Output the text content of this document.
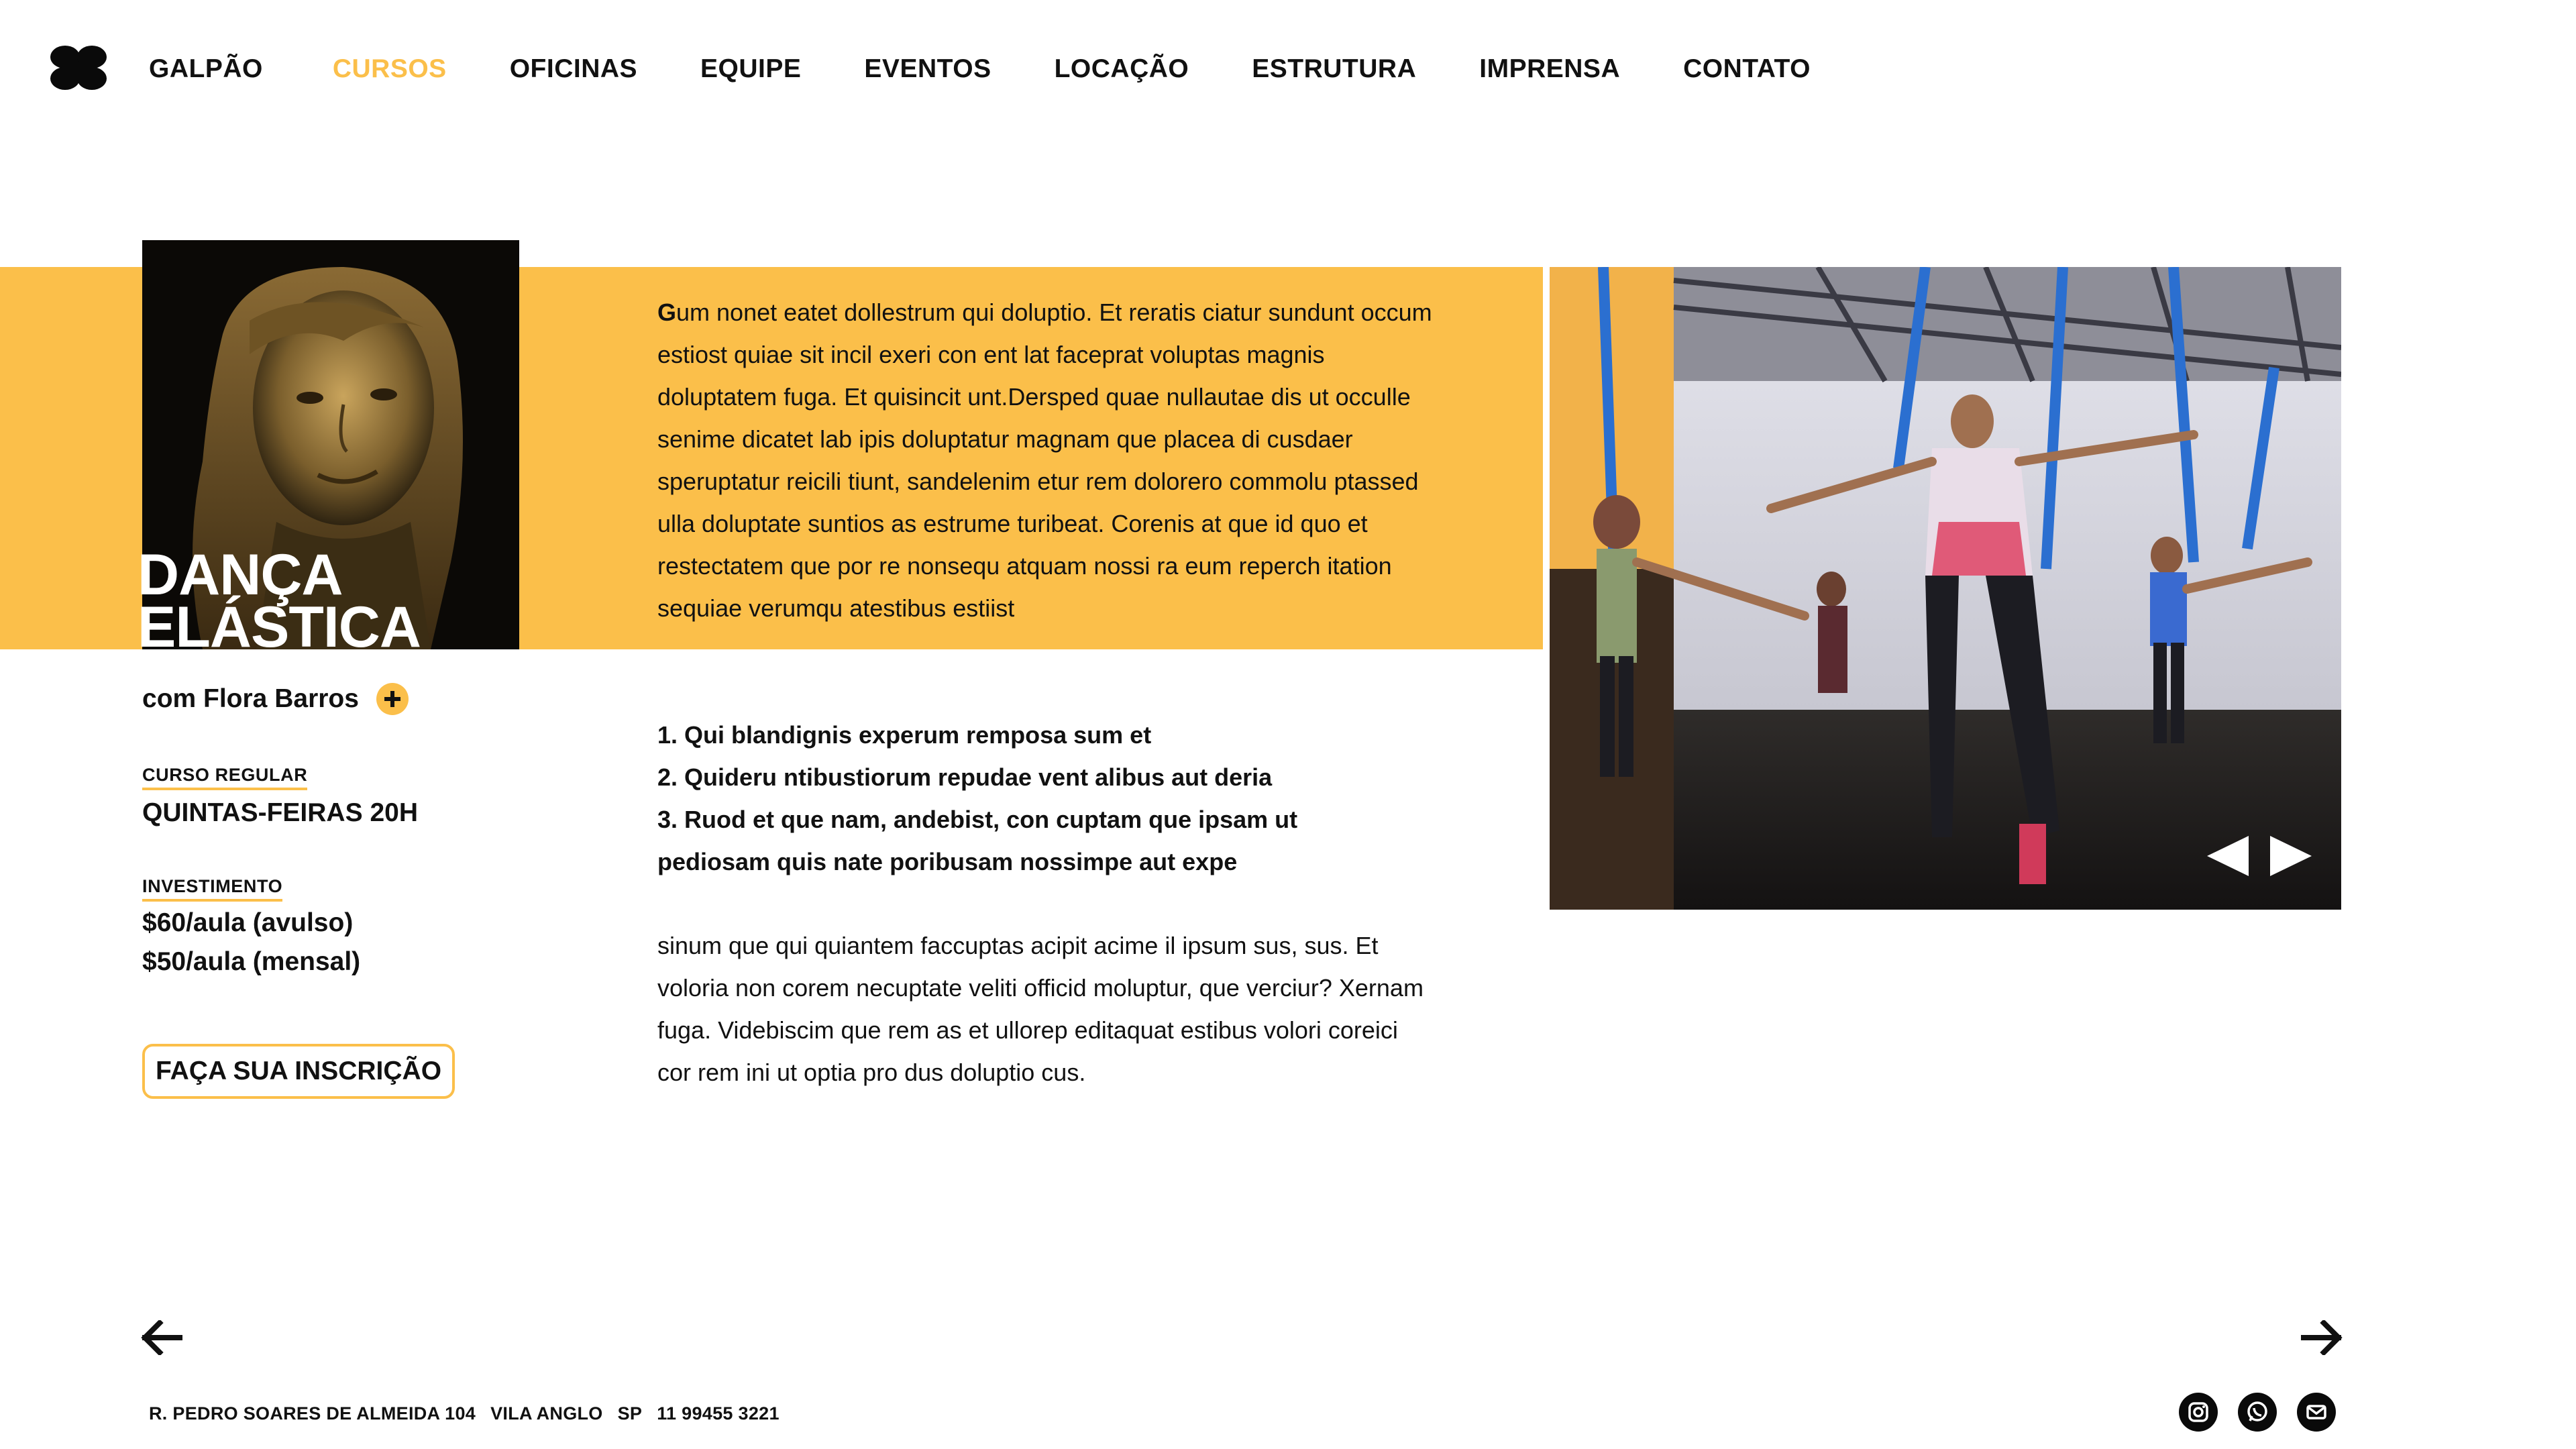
GALPÃO	CURSOS OFICINAS EQUIPE EVENTOS LOCAÇÃO ESTRUTURA IMPRENSA CONTATO
DANÇA
ELÁSTICA
com Flora Barros
CURSO REGULAR
QUINTAS-FEIRAS 20H
INVESTIMENTO
$60/aula (avulso)
$50/aula (mensal)
FAÇA SUA INSCRIÇÃO
Gum nonet eatet dollestrum qui doluptio. Et reratis ciatur sundunt occum estiost quiae sit incil exeri con ent lat faceprat voluptas magnis doluptatem fuga. Et quisincit unt.Dersped quae nullautae dis ut occulle senime dicatet lab ipis doluptatur magnam que placea di cusdaer speruptatur reicili tiunt, sandelenim etur rem dolorero commolu ptassed ulla doluptate suntios as estrume turibeat. Corenis at que id quo et restectatem que por re nonsequ atquam nossi ra eum reperch itation sequiae verumqu atestibus estiist
1. Qui blandignis experum remposa sum et
2. Quideru ntibustiorum repudae vent alibus aut deria
3. Ruod et que nam, andebist, con cuptam que ipsam ut pediosam quis nate poribusam nossimpe aut expe
sinum que qui quiantem faccuptas acipit acime il ipsum sus, sus. Et voloria non corem necuptate veliti officid moluptur, que verciur? Xernam fuga. Videbiscim que rem as et ullorep editaquat estibus volori coreici cor rem ini ut optia pro dus doluptio cus.
R. PEDRO SOARES DE ALMEIDA 104 VILA ANGLO SP 11 99455 3221
